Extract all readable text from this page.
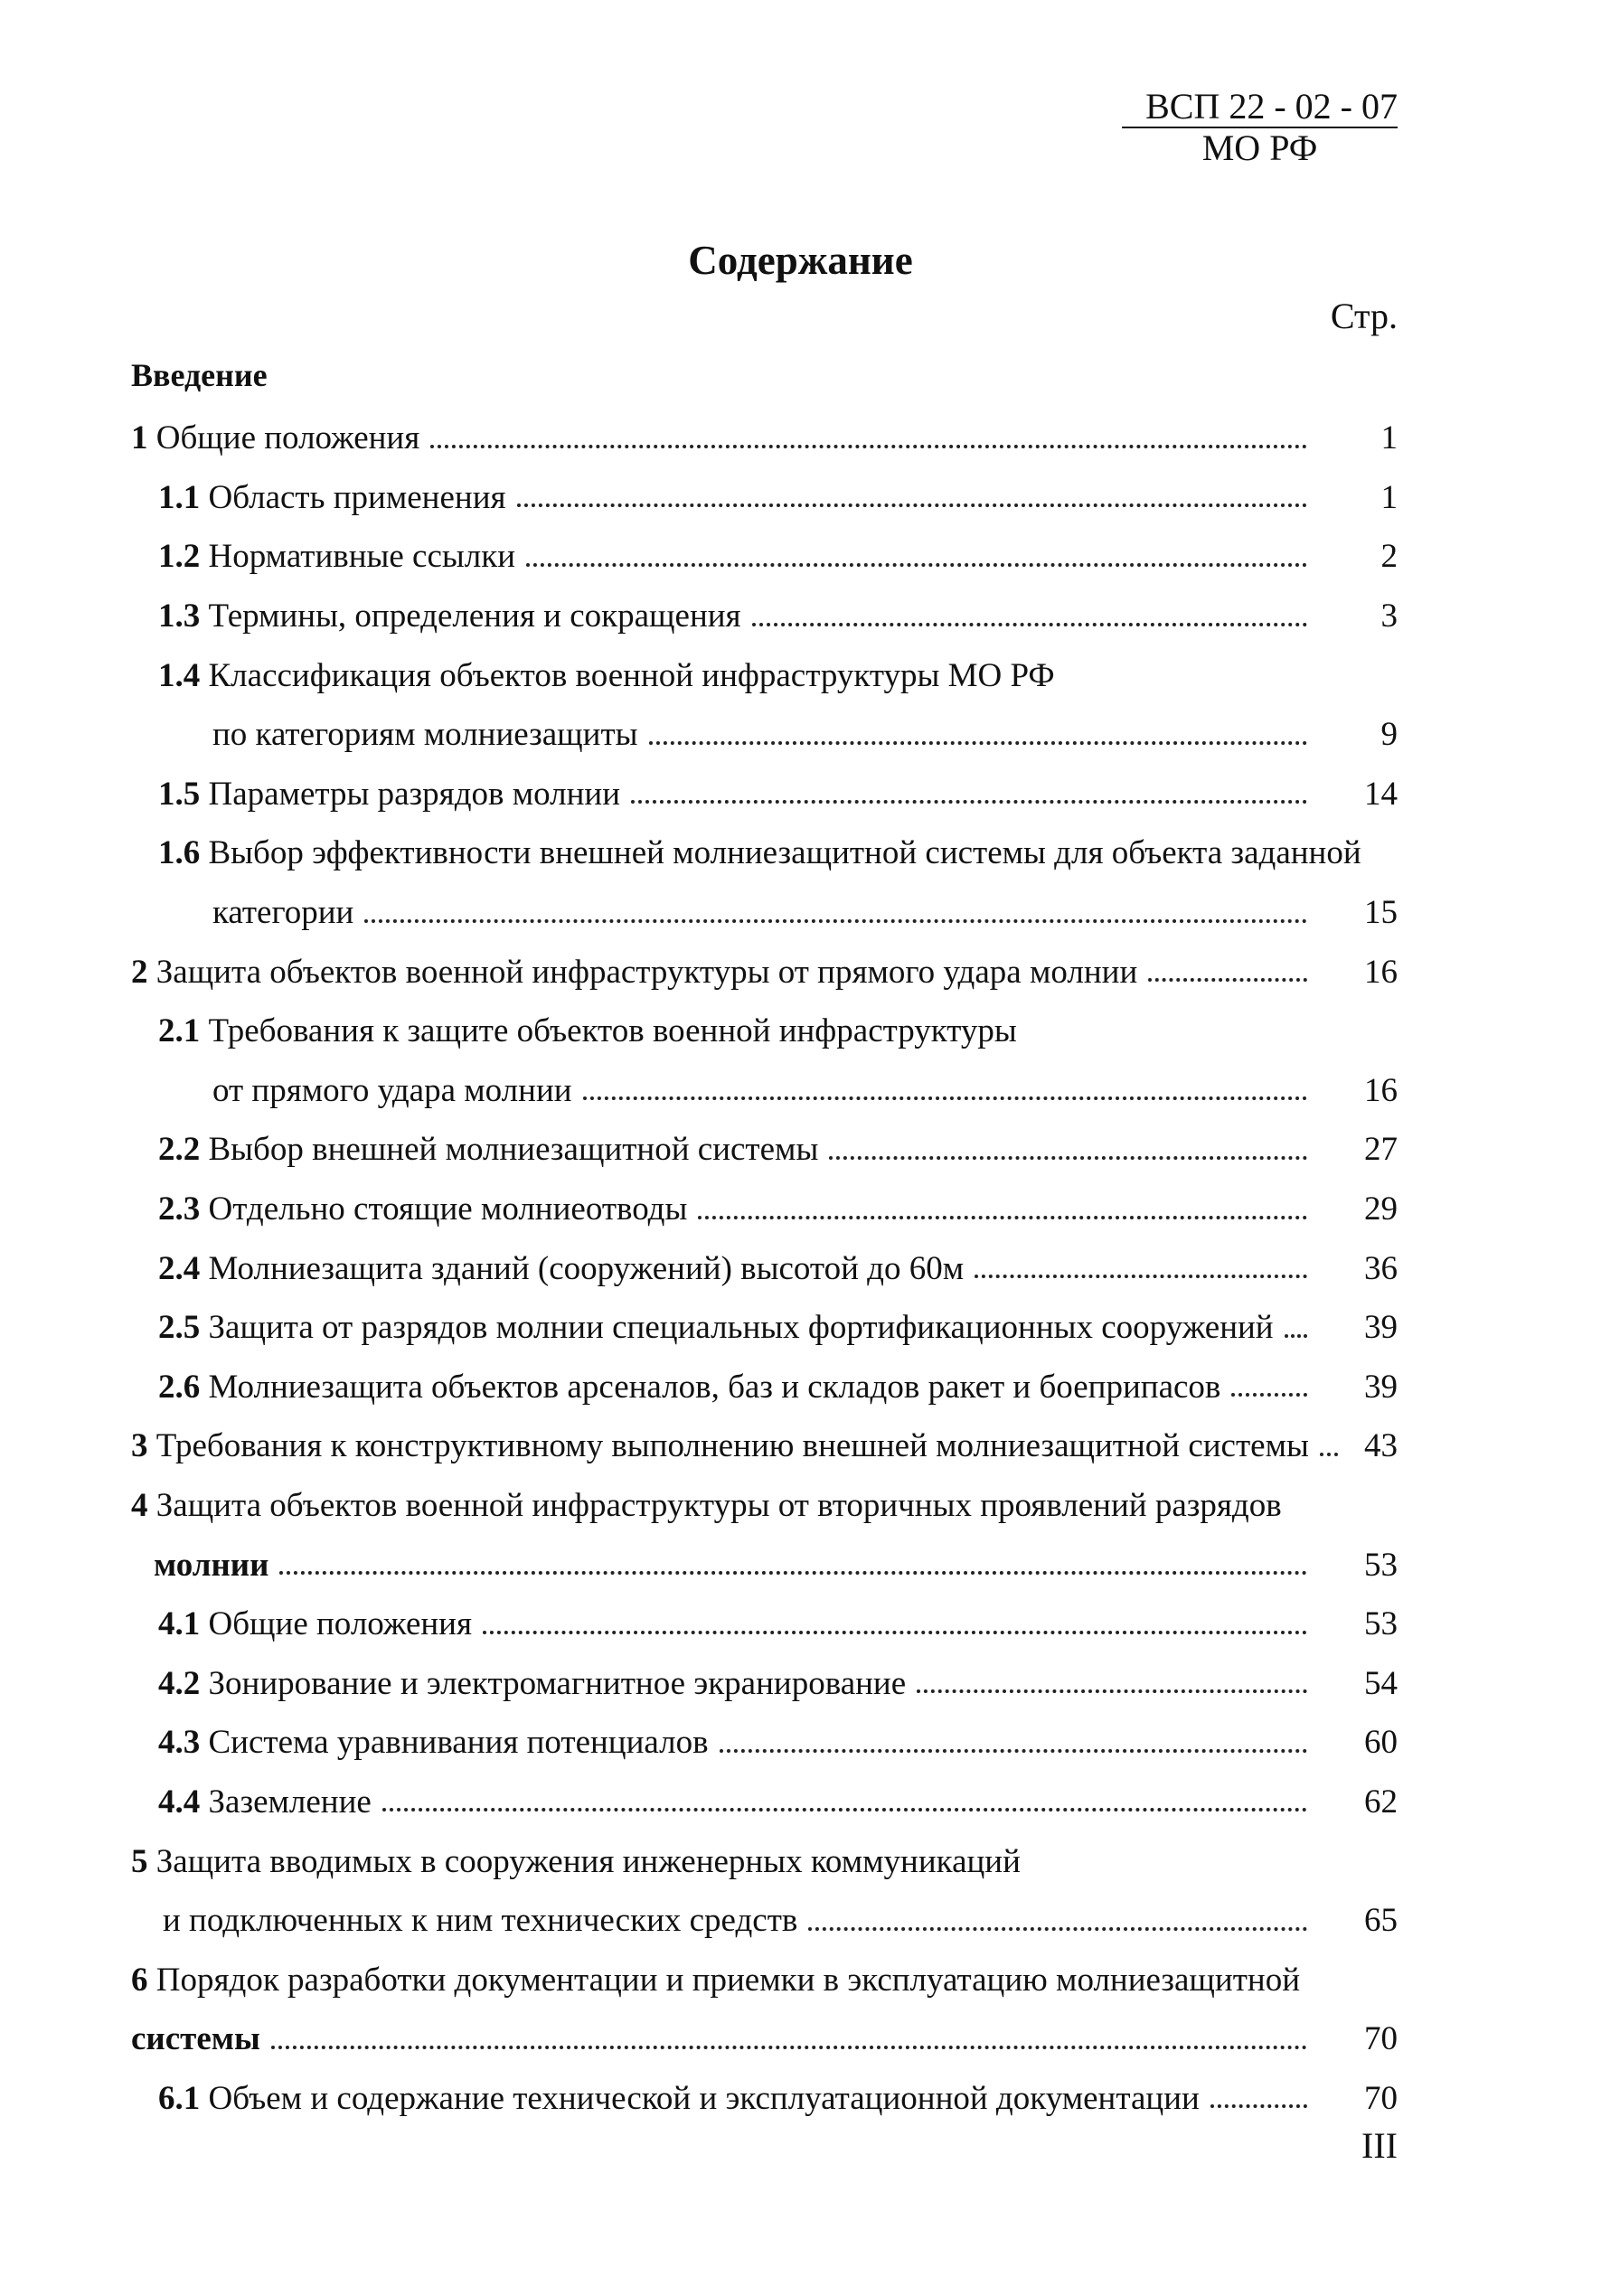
ВСП 22 - 02 - 07
МО РФ
Содержание
Стр.
Введение
1 Общие положения	1
1.1 Область применения	1
1.2 Нормативные ссылки	2
1.3 Термины, определения и сокращения	3
1.4 Классификация объектов военной инфраструктуры МО РФ
по категориям молниезащиты	9
1.5 Параметры разрядов молнии	14
1.6 Выбор эффективности внешней молниезащитной системы для объекта заданной
категории	15
2 Защита объектов военной инфраструктуры от прямого удара молнии	16
2.1 Требования к защите объектов военной инфраструктуры
от прямого удара молнии	16
2.2 Выбор внешней молниезащитной системы	27
2.3 Отдельно стоящие молниеотводы	29
2.4 Молниезащита зданий (сооружений) высотой до 60м	36
2.5 Защита от разрядов молнии специальных фортификационных сооружений	39
2.6 Молниезащита объектов арсеналов, баз и складов ракет и боеприпасов	39
3 Требования к конструктивному выполнению внешней молниезащитной системы	43
4 Защита объектов военной инфраструктуры от вторичных проявлений разрядов
молнии	53
4.1 Общие положения	53
4.2 Зонирование и электромагнитное экранирование	54
4.3 Система уравнивания потенциалов	60
4.4 Заземление	62
5 Защита вводимых в сооружения инженерных коммуникаций
и подключенных к ним технических средств	65
6 Порядок разработки документации и приемки в эксплуатацию молниезащитной
системы	70
6.1 Объем и содержание технической и эксплуатационной документации	70
III
